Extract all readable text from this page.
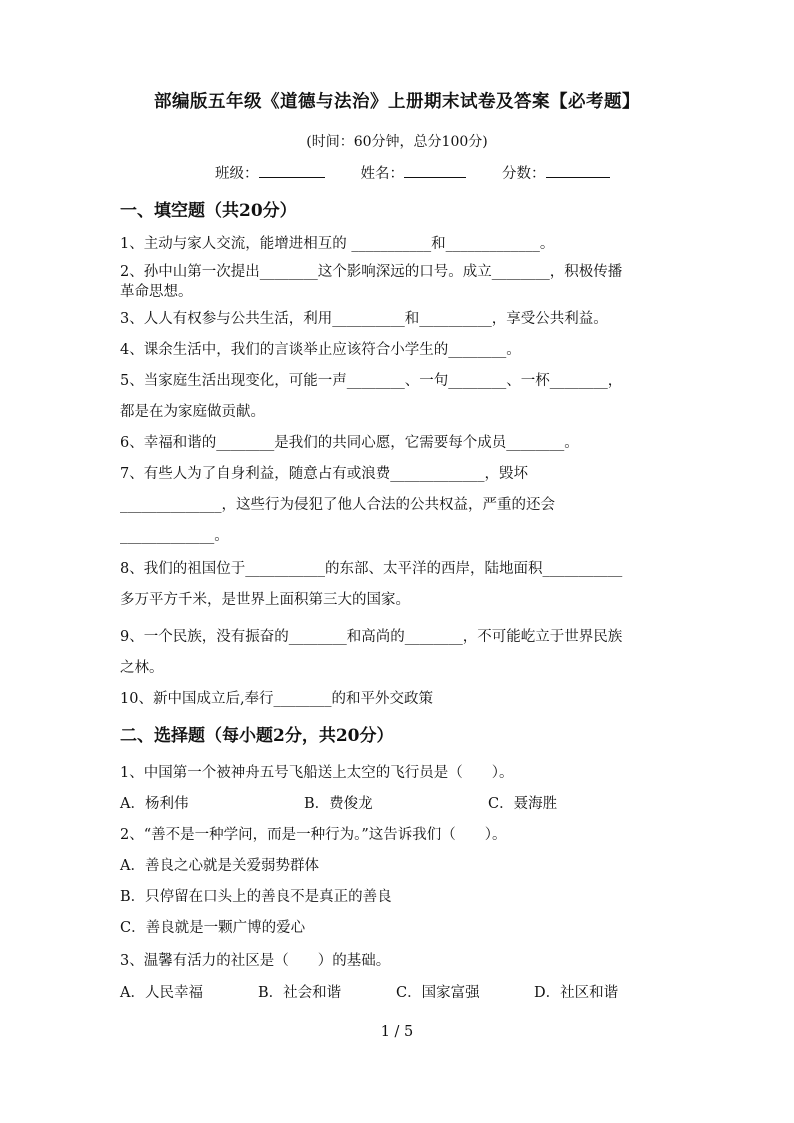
部编版五年级《道德与法治》上册期末试卷及答案【必考题】
(时间：60分钟，总分100分)
班级：	姓名：	分数：
一、填空题（共20分）
1、主动与家人交流，能增进相互的 ___________和_____________。
2、孙中山第一次提出________这个影响深远的口号。成立________，积极传播
革命思想。
3、人人有权参与公共生活，利用__________和__________，享受公共利益。
4、课余生活中，我们的言谈举止应该符合小学生的________。
5、当家庭生活出现变化，可能一声________、一句________、一杯________，
都是在为家庭做贡献。
6、幸福和谐的________是我们的共同心愿，它需要每个成员________。
7、有些人为了自身利益，随意占有或浪费_____________，毁坏
______________，这些行为侵犯了他人合法的公共权益，严重的还会
_____________。
8、我们的祖国位于___________的东部、太平洋的西岸，陆地面积___________
多万平方千米，是世界上面积第三大的国家。
9、一个民族，没有振奋的________和高尚的________，不可能屹立于世界民族
之林。
10、新中国成立后,奉行________的和平外交政策
二、选择题（每小题2分，共20分）
1、中国第一个被神舟五号飞船送上太空的飞行员是（　　）。
A．杨利伟	B．费俊龙	C．聂海胜
2、“善不是一种学问，而是一种行为。”这告诉我们（　　）。
A．善良之心就是关爱弱势群体
B．只停留在口头上的善良不是真正的善良
C．善良就是一颗广博的爱心
3、温馨有活力的社区是（　　）的基础。
A．人民幸福	B．社会和谐	C．国家富强	D．社区和谐
1 / 5
